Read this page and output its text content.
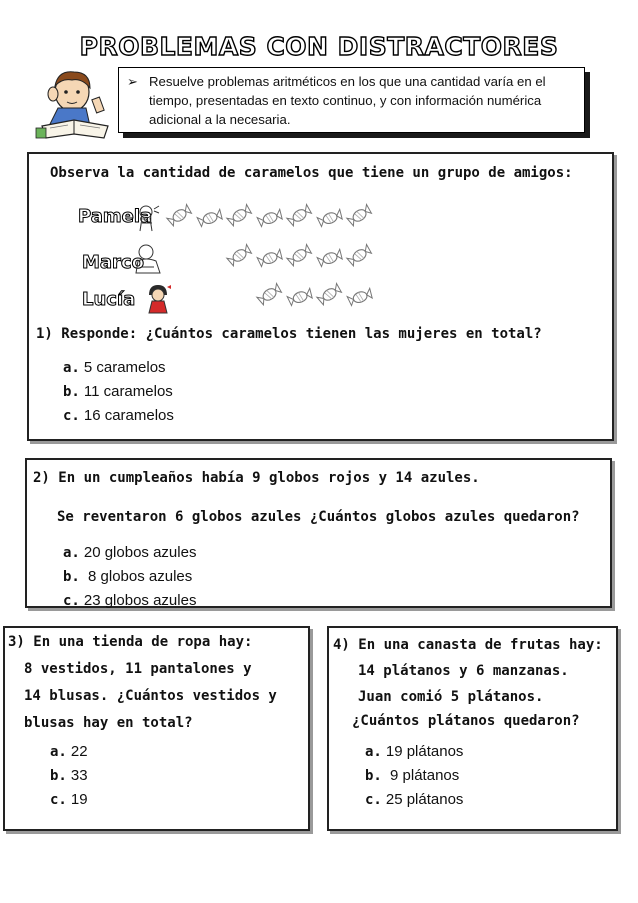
PROBLEMAS CON DISTRACTORES
➢ Resuelve problemas aritméticos en los que una cantidad varía en el tiempo, presentadas en texto continuo, y con información numérica adicional a la necesaria.
Observa la cantidad de caramelos que tiene un grupo de amigos:
Pamela
Marco
Lucía
1) Responde: ¿Cuántos caramelos tienen las mujeres en total?
a. 5 caramelos
b. 11 caramelos
c. 16 caramelos
2) En un cumpleaños había 9 globos rojos y 14 azules.
Se reventaron 6 globos azules ¿Cuántos globos azules quedaron?
a. 20 globos azules
b. 8 globos azules
c. 23 globos azules
3) En una tienda de ropa hay:
8 vestidos, 11 pantalones y
14 blusas. ¿Cuántos vestidos y
blusas hay en total?
a. 22
b. 33
c. 19
4) En una canasta de frutas hay:
14 plátanos y 6 manzanas.
Juan comió 5 plátanos.
¿Cuántos plátanos quedaron?
a. 19 plátanos
b. 9 plátanos
c. 25 plátanos
